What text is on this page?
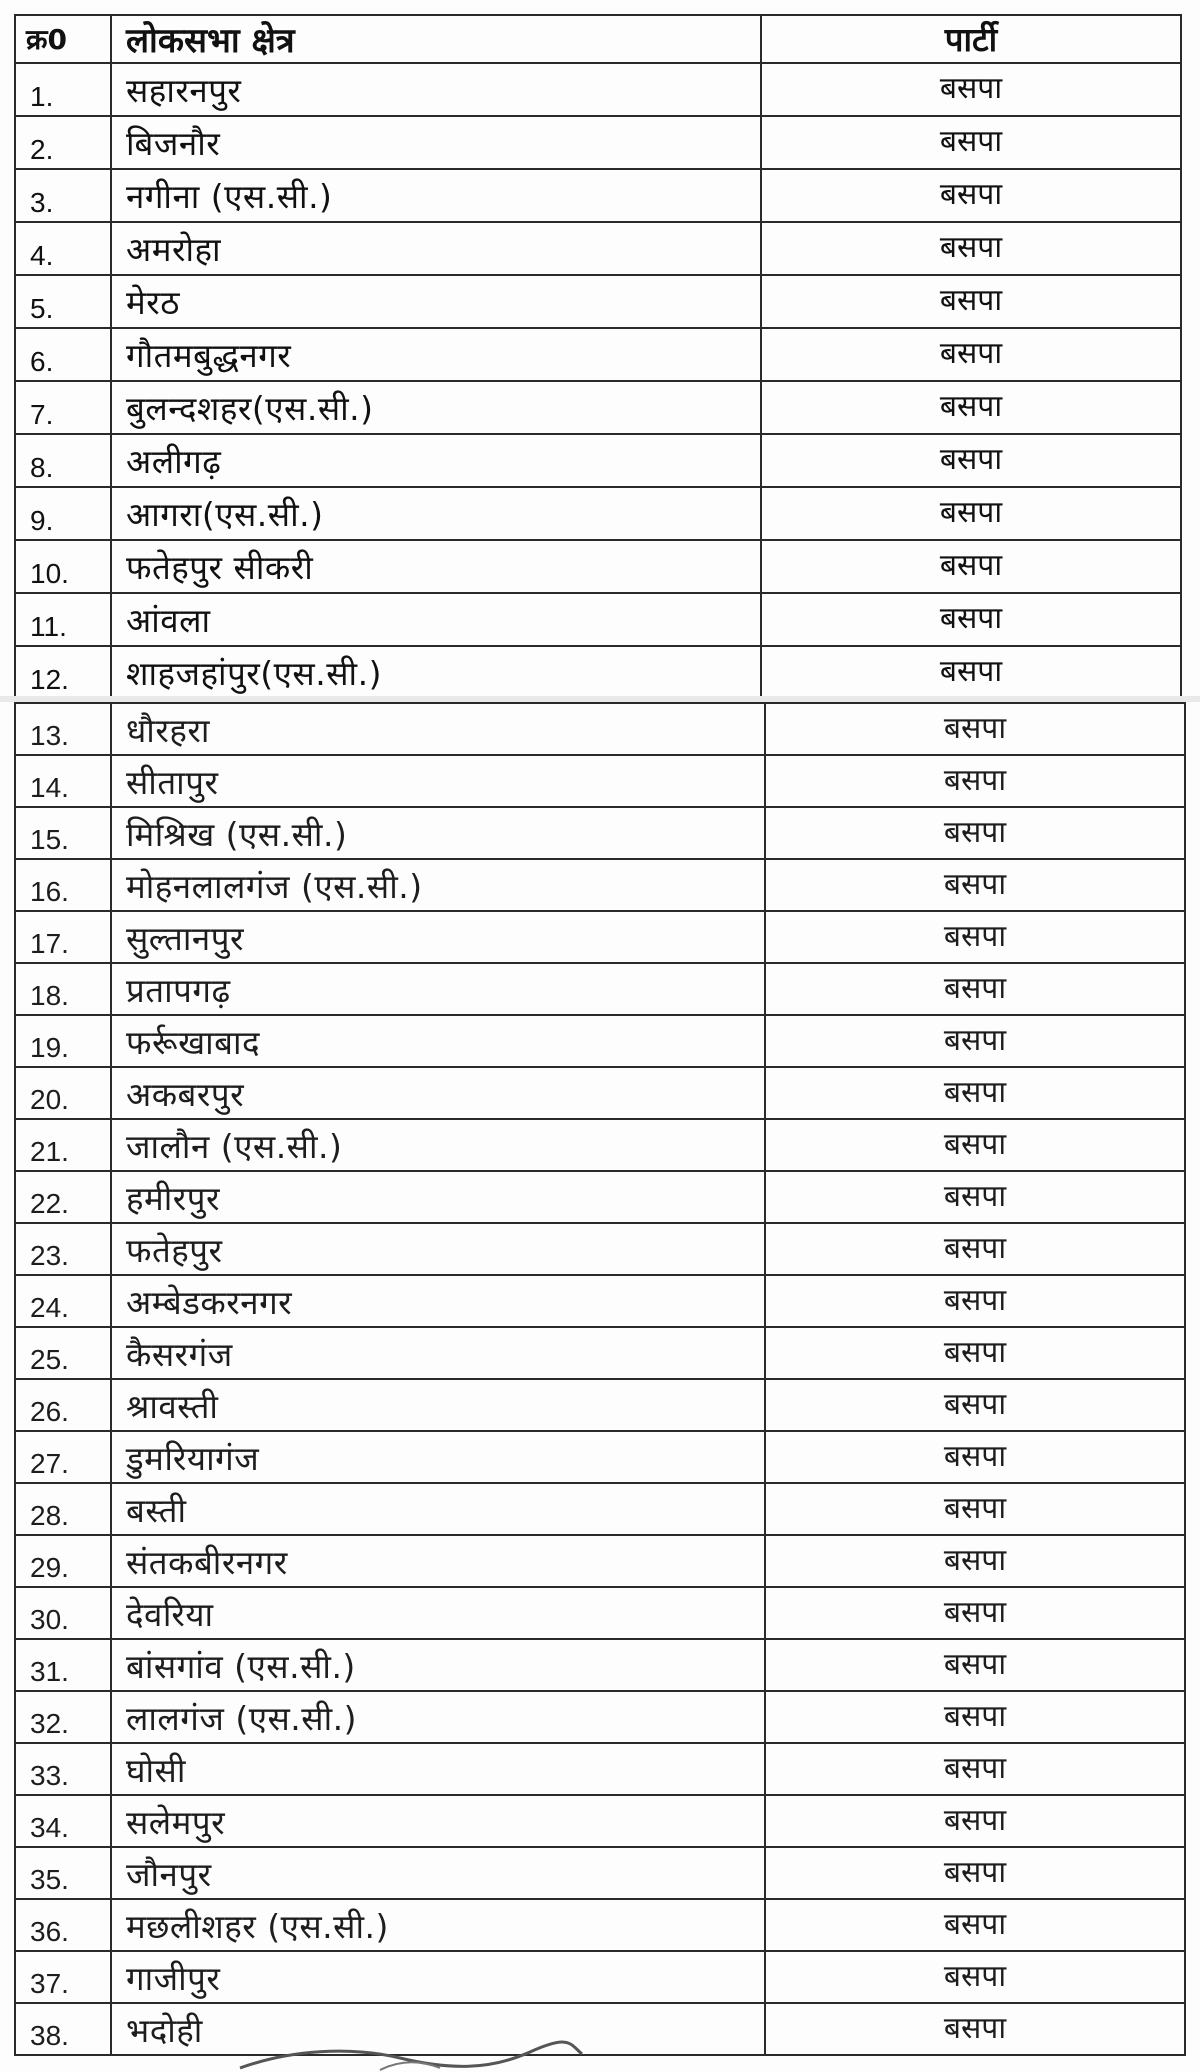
क्र0	लोकसभा क्षेत्र	पार्टी
1.	सहारनपुर	बसपा
2.	बिजनौर	बसपा
3.	नगीना (एस.सी.)	बसपा
4.	अमरोहा	बसपा
5.	मेरठ	बसपा
6.	गौतमबुद्धनगर	बसपा
7.	बुलन्दशहर(एस.सी.)	बसपा
8.	अलीगढ़	बसपा
9.	आगरा(एस.सी.)	बसपा
10.	फतेहपुर सीकरी	बसपा
11.	आंवला	बसपा
12.	शाहजहांपुर(एस.सी.)	बसपा
13.	धौरहरा	बसपा
14.	सीतापुर	बसपा
15.	मिश्रिख (एस.सी.)	बसपा
16.	मोहनलालगंज (एस.सी.)	बसपा
17.	सुल्तानपुर	बसपा
18.	प्रतापगढ़	बसपा
19.	फर्रूखाबाद	बसपा
20.	अकबरपुर	बसपा
21.	जालौन (एस.सी.)	बसपा
22.	हमीरपुर	बसपा
23.	फतेहपुर	बसपा
24.	अम्बेडकरनगर	बसपा
25.	कैसरगंज	बसपा
26.	श्रावस्ती	बसपा
27.	डुमरियागंज	बसपा
28.	बस्ती	बसपा
29.	संतकबीरनगर	बसपा
30.	देवरिया	बसपा
31.	बांसगांव (एस.सी.)	बसपा
32.	लालगंज (एस.सी.)	बसपा
33.	घोसी	बसपा
34.	सलेमपुर	बसपा
35.	जौनपुर	बसपा
36.	मछलीशहर (एस.सी.)	बसपा
37.	गाजीपुर	बसपा
38.	भदोही	बसपा
